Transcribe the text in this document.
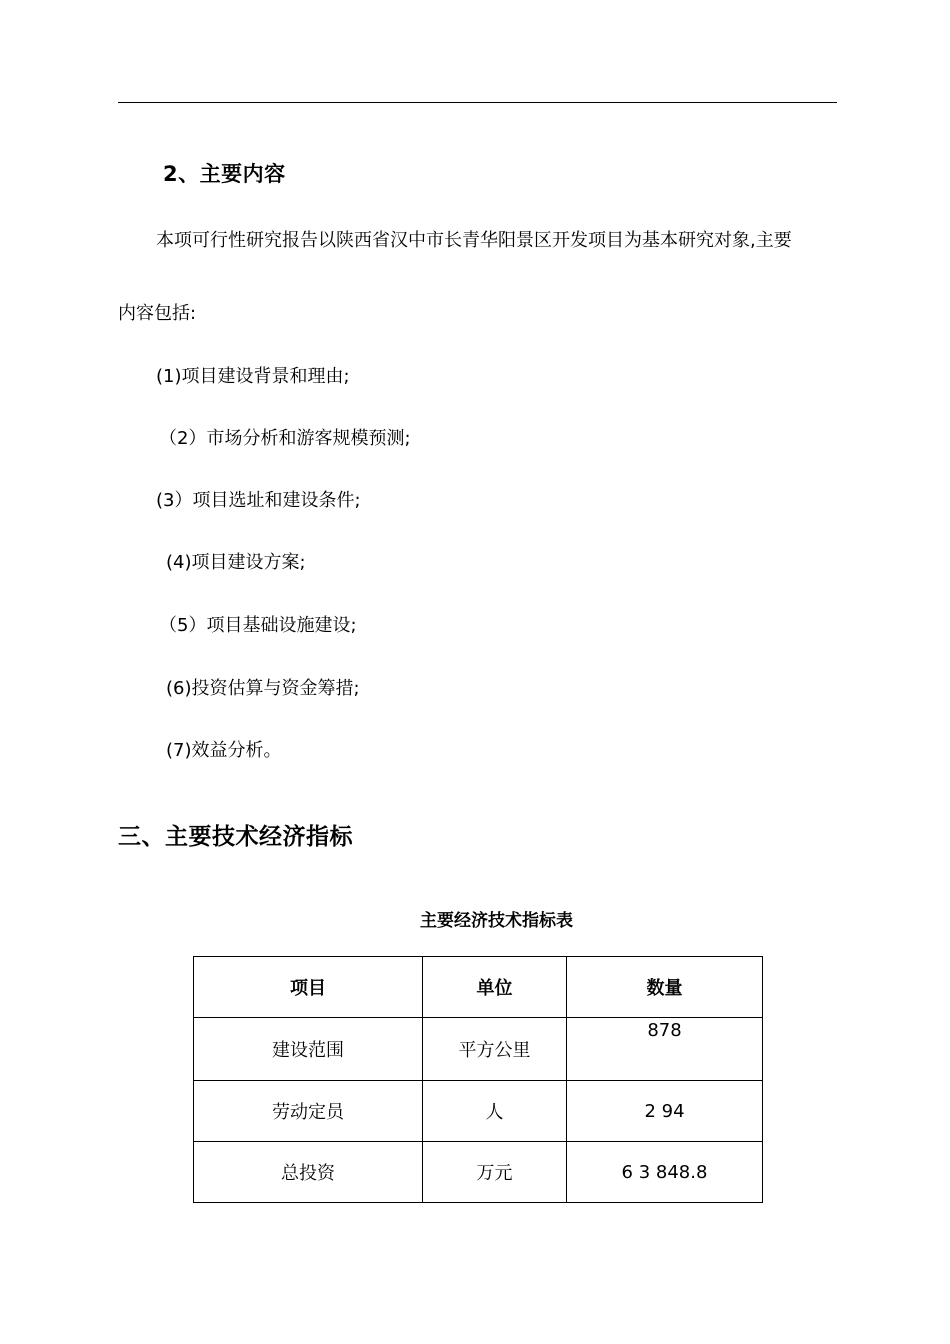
2、主要内容
本项可行性研究报告以陕西省汉中市长青华阳景区开发项目为基本研究对象,主要
内容包括:
(1)项目建设背景和理由;
（2）市场分析和游客规模预测;
(3）项目选址和建设条件;
(4)项目建设方案;
（5）项目基础设施建设;
(6)投资估算与资金筹措;
(7)效益分析。
三、主要技术经济指标
主要经济技术指标表
项目	单位	数量
建设范围	平方公里	878
劳动定员	人	2 94
总投资	万元	6 3 848.8
